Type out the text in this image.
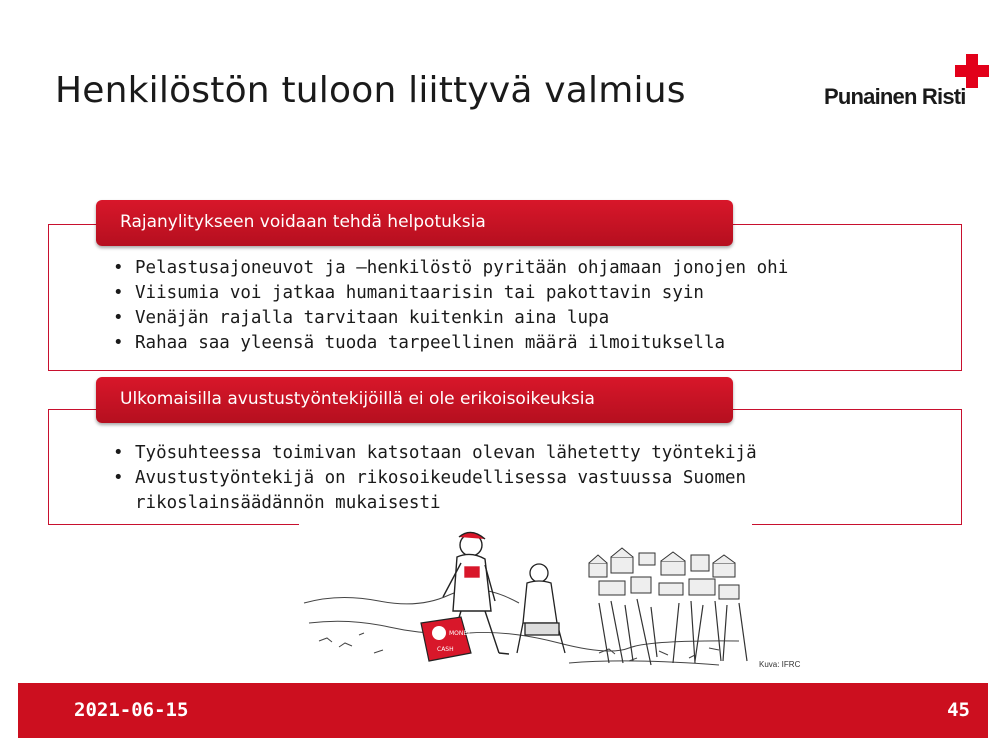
Henkilöstön tuloon liittyvä valmius	Punainen Risti
Rajanylitykseen voidaan tehdä helpotuksia
• Pelastusajoneuvot ja –henkilöstö pyritään ohjamaan jonojen ohi
• Viisumia voi jatkaa humanitaarisin tai pakottavin syin
• Venäjän rajalla tarvitaan kuitenkin aina lupa
• Rahaa saa yleensä tuoda tarpeellinen määrä ilmoituksella
Ulkomaisilla avustustyöntekijöillä ei ole erikoisoikeuksia
• Työsuhteessa toimivan katsotaan olevan lähetetty työntekijä
• Avustustyöntekijä on rikosoikeudellisessa vastuussa Suomen rikoslainsäädännön mukaisesti
MONEY
CASH
Kuva: IFRC
2021-06-15	45
